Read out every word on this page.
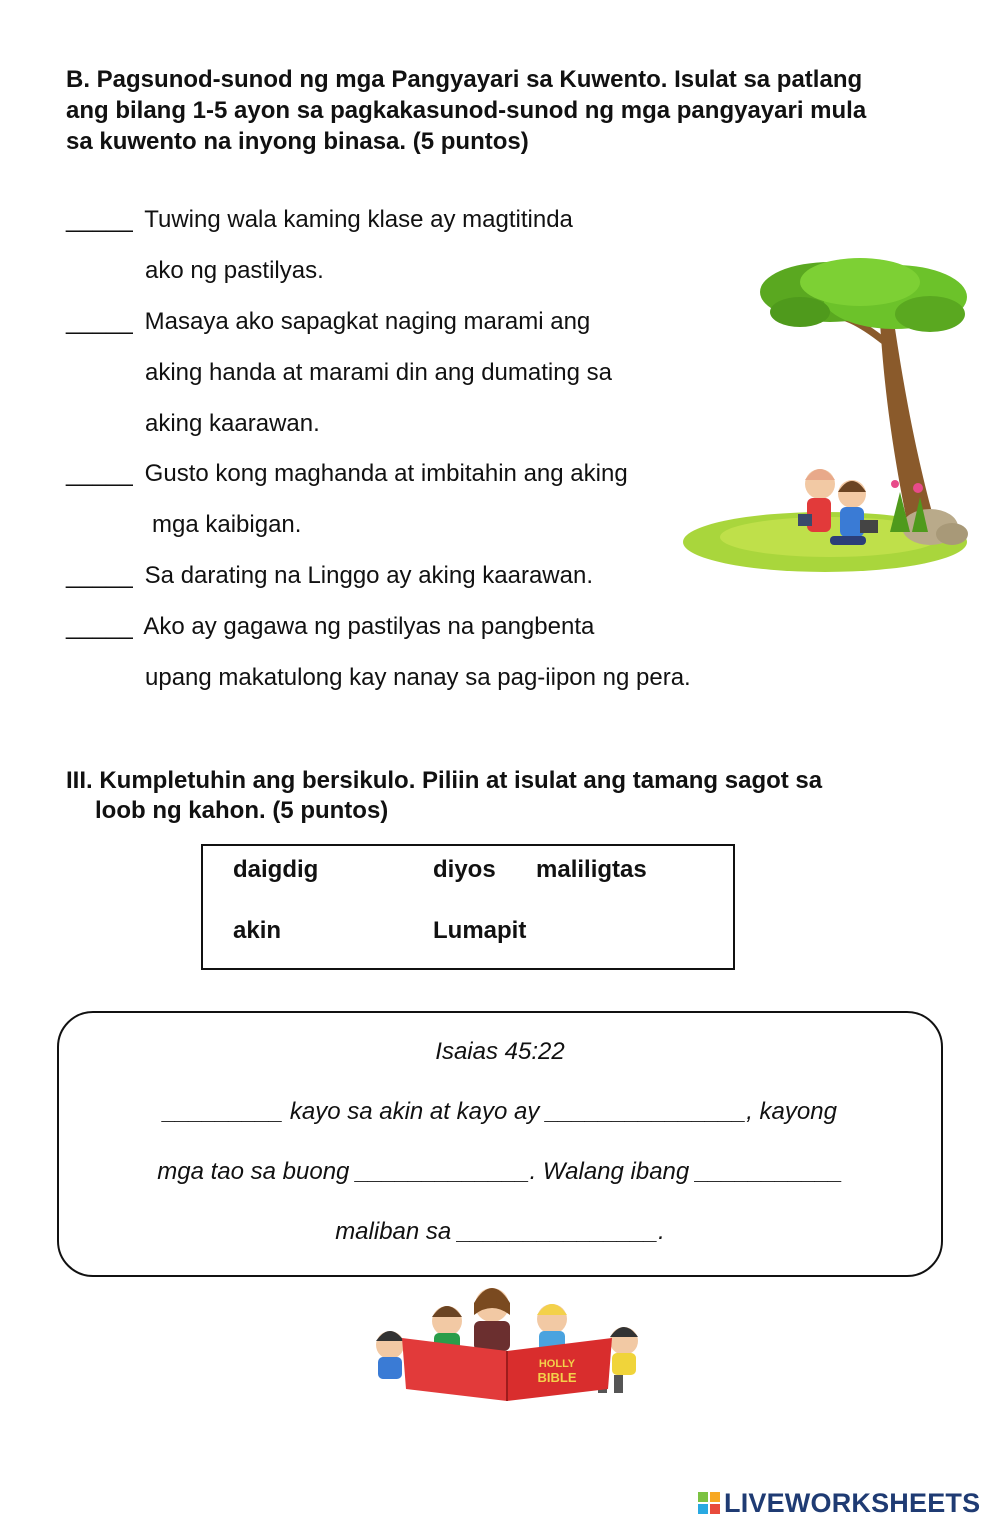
B. Pagsunod-sunod ng mga Pangyayari sa Kuwento. Isulat sa patlang
ang bilang 1-5 ayon sa pagkakasunod-sunod ng mga pangyayari mula
sa kuwento na inyong binasa. (5 puntos)
_____ Tuwing wala kaming klase ay magtitinda
ako ng pastilyas.
_____ Masaya ako sapagkat naging marami ang
aking handa at marami din ang dumating sa
aking kaarawan.
_____ Gusto kong maghanda at imbitahin ang aking
mga kaibigan.
_____ Sa darating na Linggo ay aking kaarawan.
_____ Ako ay gagawa ng pastilyas na pangbenta
upang makatulong kay nanay sa pag-iipon ng pera.
III. Kumpletuhin ang bersikulo. Piliin at isulat ang tamang sagot sa
loob ng kahon. (5 puntos)
daigdig	diyos maliligtas
akin	Lumapit
Isaias 45:22
_________ kayo sa akin at kayo ay _______________, kayong
mga tao sa buong _____________. Walang ibang ___________
maliban sa _______________.
HOLLY
BIBLE
LIVEWORKSHEETS
